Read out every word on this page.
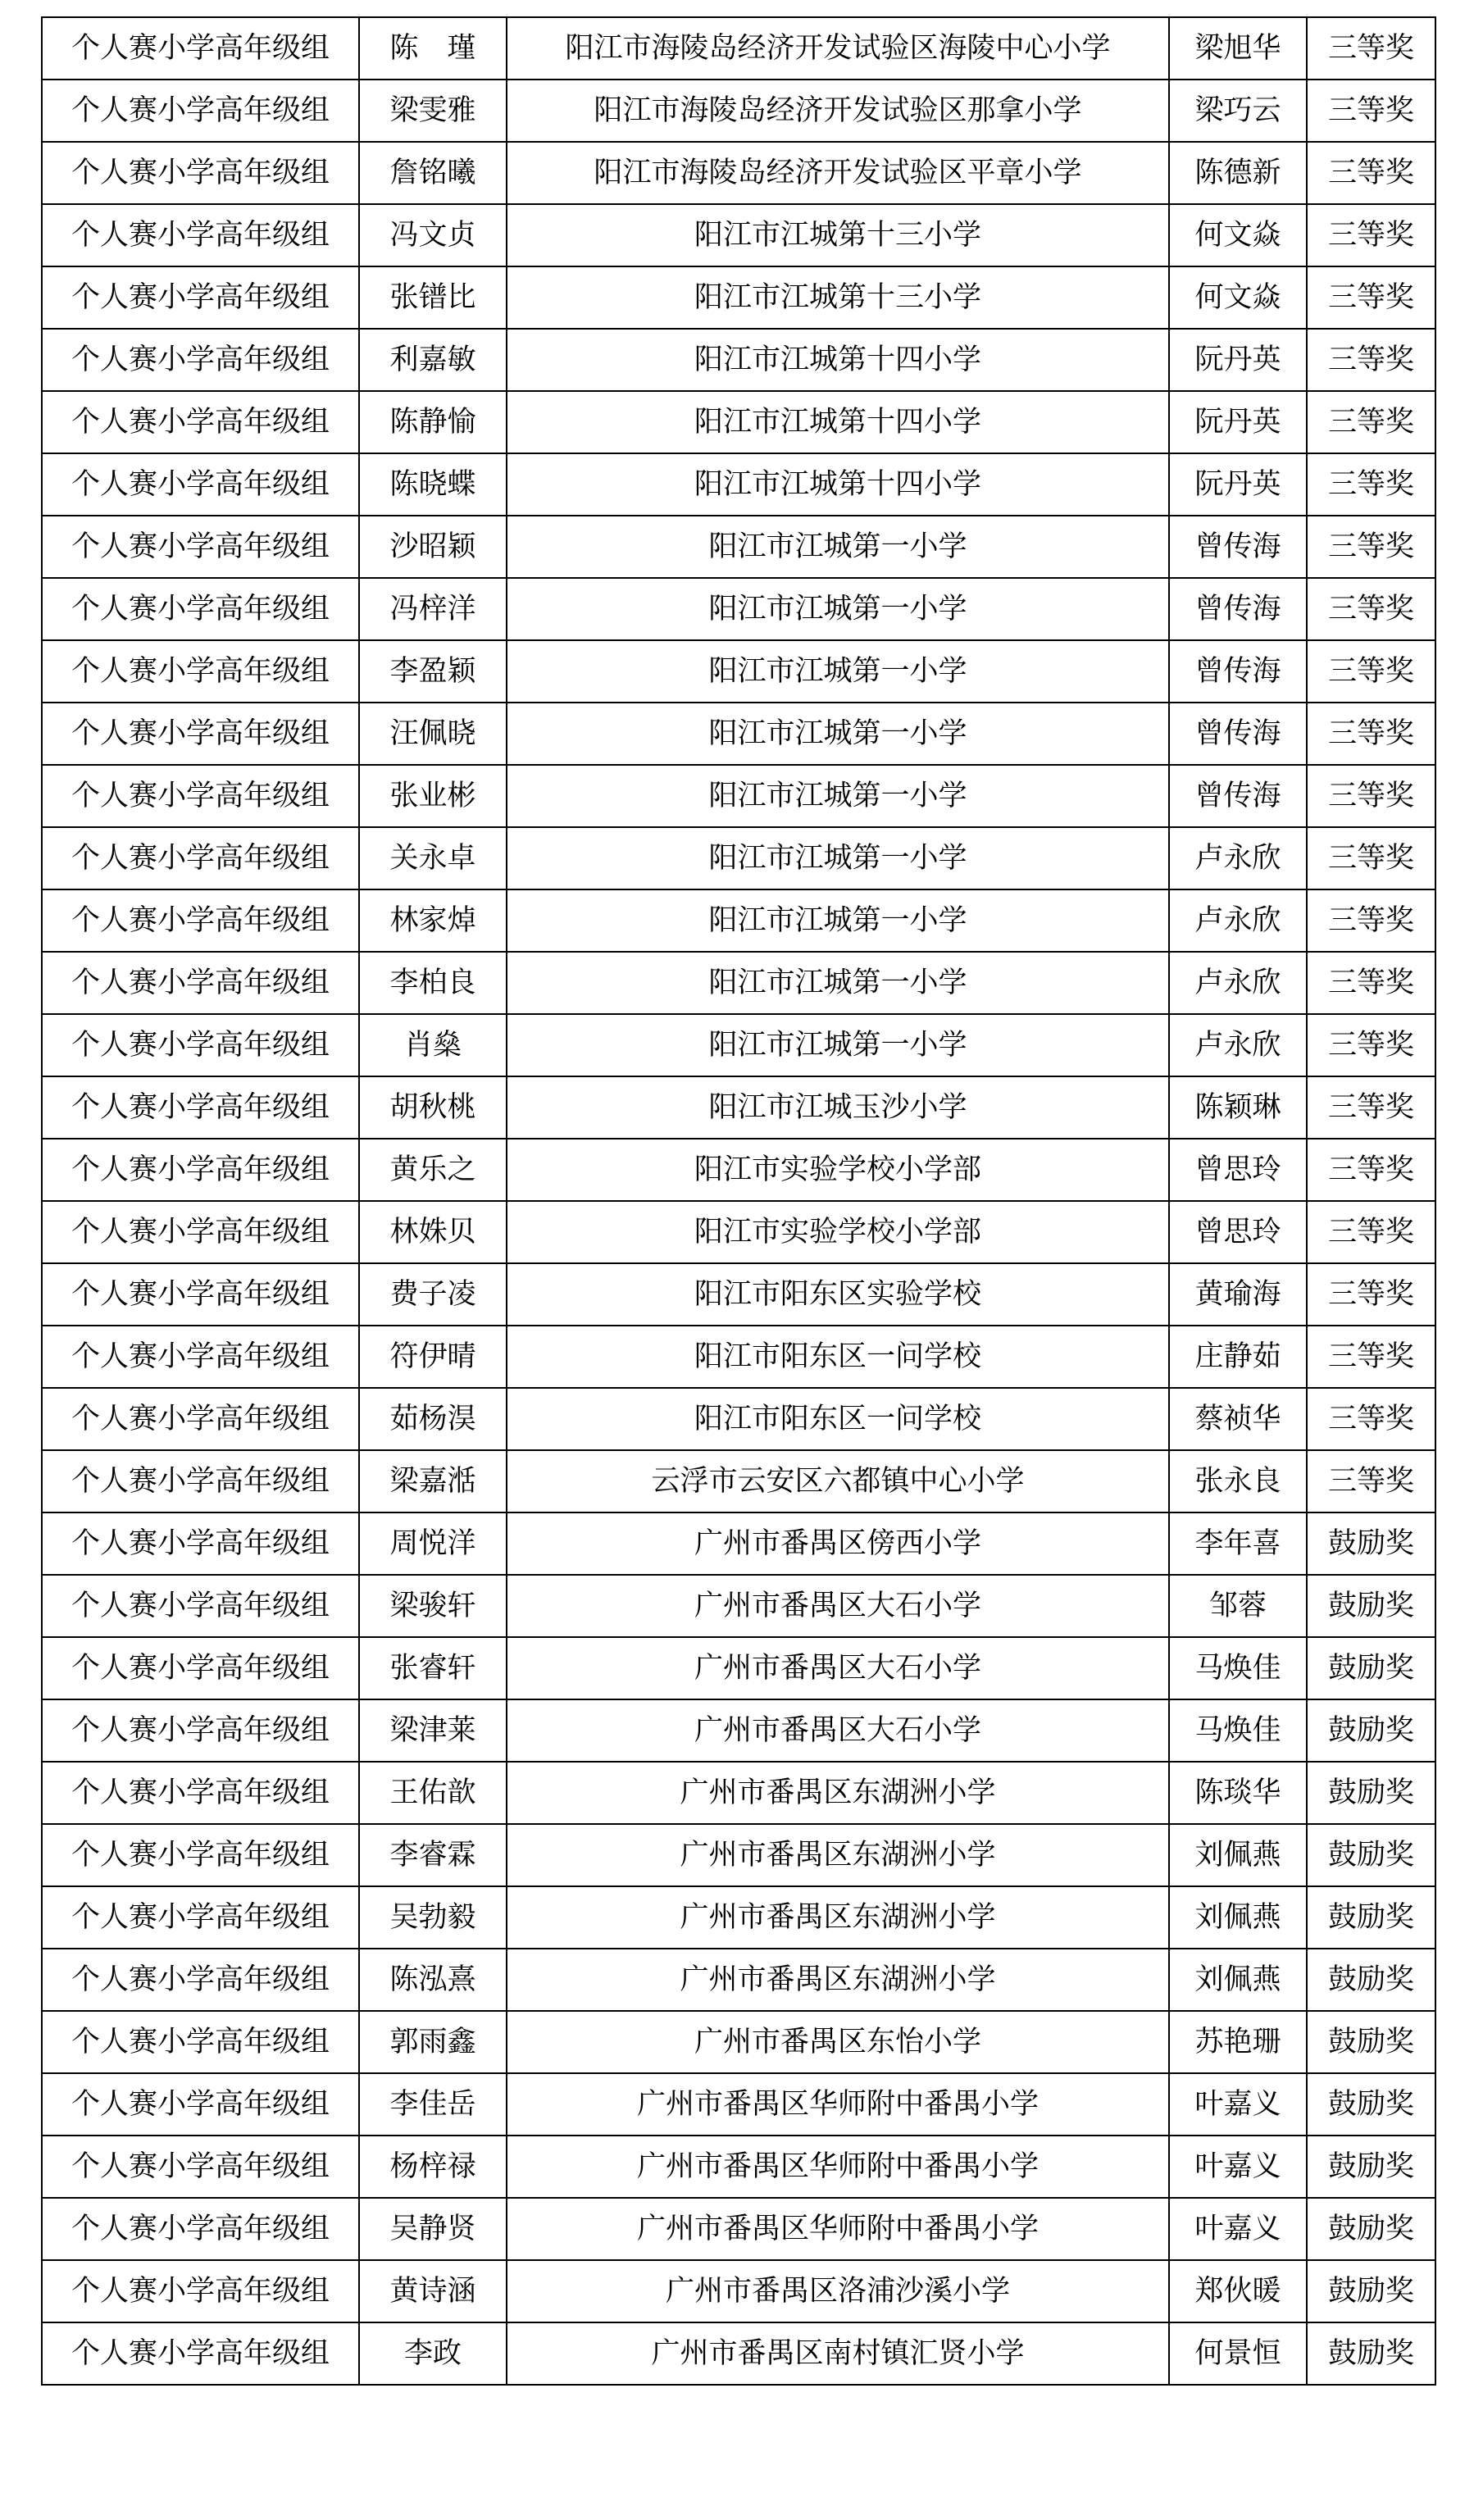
个人赛小学高年级组	陈　瑾	阳江市海陵岛经济开发试验区海陵中心小学	梁旭华	三等奖
个人赛小学高年级组	梁雯雅	阳江市海陵岛经济开发试验区那拿小学	梁巧云	三等奖
个人赛小学高年级组	詹铭曦	阳江市海陵岛经济开发试验区平章小学	陈德新	三等奖
个人赛小学高年级组	冯文贞	阳江市江城第十三小学	何文焱	三等奖
个人赛小学高年级组	张镨比	阳江市江城第十三小学	何文焱	三等奖
个人赛小学高年级组	利嘉敏	阳江市江城第十四小学	阮丹英	三等奖
个人赛小学高年级组	陈静愉	阳江市江城第十四小学	阮丹英	三等奖
个人赛小学高年级组	陈晓蝶	阳江市江城第十四小学	阮丹英	三等奖
个人赛小学高年级组	沙昭颖	阳江市江城第一小学	曾传海	三等奖
个人赛小学高年级组	冯梓洋	阳江市江城第一小学	曾传海	三等奖
个人赛小学高年级组	李盈颖	阳江市江城第一小学	曾传海	三等奖
个人赛小学高年级组	汪佩晓	阳江市江城第一小学	曾传海	三等奖
个人赛小学高年级组	张业彬	阳江市江城第一小学	曾传海	三等奖
个人赛小学高年级组	关永卓	阳江市江城第一小学	卢永欣	三等奖
个人赛小学高年级组	林家焯	阳江市江城第一小学	卢永欣	三等奖
个人赛小学高年级组	李柏良	阳江市江城第一小学	卢永欣	三等奖
个人赛小学高年级组	肖燊	阳江市江城第一小学	卢永欣	三等奖
个人赛小学高年级组	胡秋桃	阳江市江城玉沙小学	陈颖琳	三等奖
个人赛小学高年级组	黄乐之	阳江市实验学校小学部	曾思玲	三等奖
个人赛小学高年级组	林姝贝	阳江市实验学校小学部	曾思玲	三等奖
个人赛小学高年级组	费子凌	阳江市阳东区实验学校	黄瑜海	三等奖
个人赛小学高年级组	符伊晴	阳江市阳东区一问学校	庄静茹	三等奖
个人赛小学高年级组	茹杨淏	阳江市阳东区一问学校	蔡祯华	三等奖
个人赛小学高年级组	梁嘉湉	云浮市云安区六都镇中心小学	张永良	三等奖
个人赛小学高年级组	周悦洋	广州市番禺区傍西小学	李年喜	鼓励奖
个人赛小学高年级组	梁骏轩	广州市番禺区大石小学	邹蓉	鼓励奖
个人赛小学高年级组	张睿轩	广州市番禺区大石小学	马焕佳	鼓励奖
个人赛小学高年级组	梁津莱	广州市番禺区大石小学	马焕佳	鼓励奖
个人赛小学高年级组	王佑歆	广州市番禺区东湖洲小学	陈琰华	鼓励奖
个人赛小学高年级组	李睿霖	广州市番禺区东湖洲小学	刘佩燕	鼓励奖
个人赛小学高年级组	吴勃毅	广州市番禺区东湖洲小学	刘佩燕	鼓励奖
个人赛小学高年级组	陈泓熹	广州市番禺区东湖洲小学	刘佩燕	鼓励奖
个人赛小学高年级组	郭雨鑫	广州市番禺区东怡小学	苏艳珊	鼓励奖
个人赛小学高年级组	李佳岳	广州市番禺区华师附中番禺小学	叶嘉义	鼓励奖
个人赛小学高年级组	杨梓禄	广州市番禺区华师附中番禺小学	叶嘉义	鼓励奖
个人赛小学高年级组	吴静贤	广州市番禺区华师附中番禺小学	叶嘉义	鼓励奖
个人赛小学高年级组	黄诗涵	广州市番禺区洛浦沙溪小学	郑伙暖	鼓励奖
个人赛小学高年级组	李政	广州市番禺区南村镇汇贤小学	何景恒	鼓励奖
